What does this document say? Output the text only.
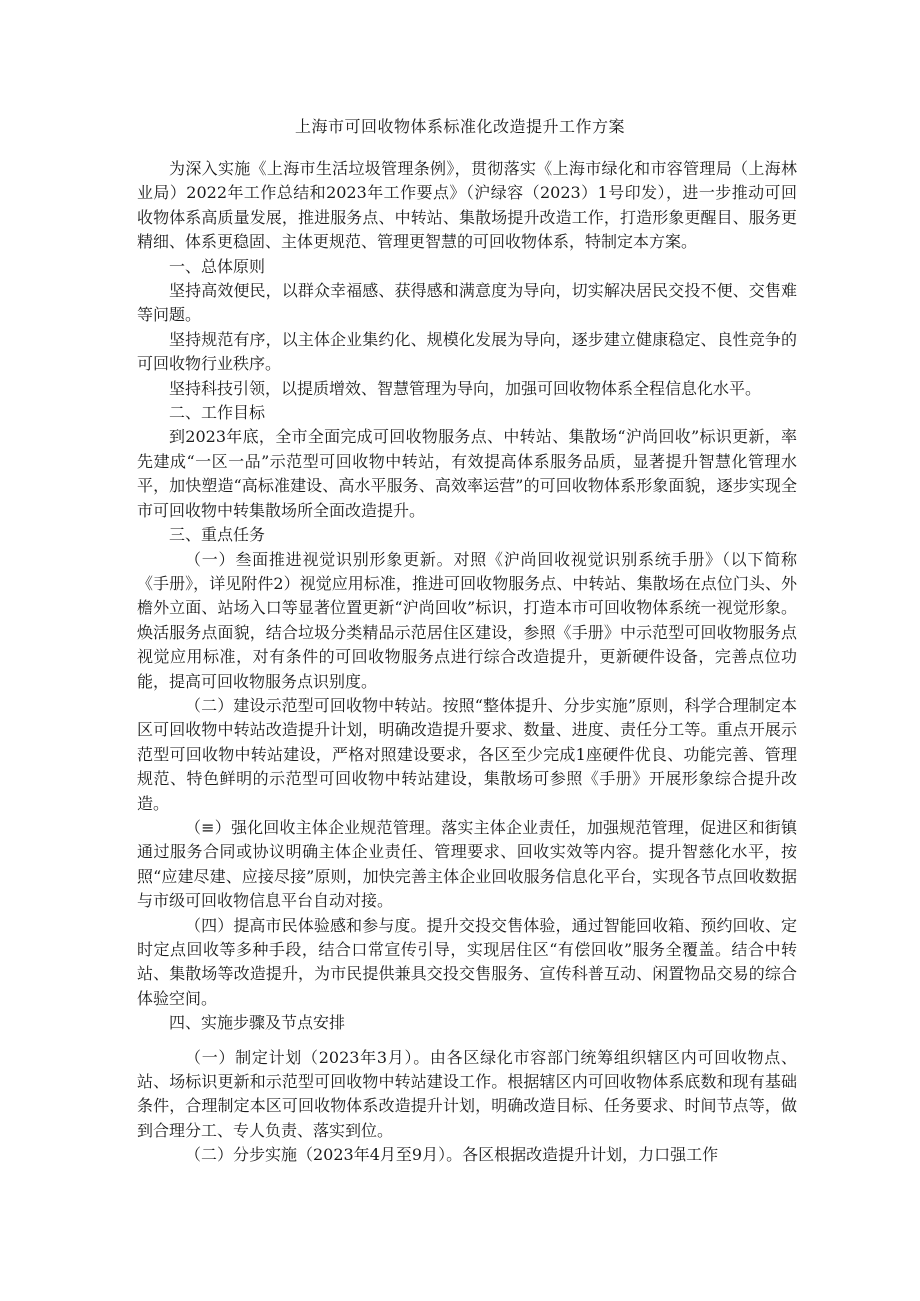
上海市可回收物体系标准化改造提升工作方案

为深入实施《上海市生活垃圾管理条例》，贯彻落实《上海市绿化和市容管理局（上海林业局）2022年工作总结和2023年工作要点》（沪绿容（2023）1号印发），进一步推动可回收物体系高质量发展，推进服务点、中转站、集散场提升改造工作，打造形象更醒目、服务更精细、体系更稳固、主体更规范、管理更智慧的可回收物体系，特制定本方案。

一、总体原则

坚持高效便民，以群众幸福感、获得感和满意度为导向，切实解决居民交投不便、交售难等问题。

坚持规范有序，以主体企业集约化、规模化发展为导向，逐步建立健康稳定、良性竞争的可回收物行业秩序。

坚持科技引领，以提质增效、智慧管理为导向，加强可回收物体系全程信息化水平。

二、工作目标

到2023年底，全市全面完成可回收物服务点、中转站、集散场“沪尚回收”标识更新，率先建成“一区一品”示范型可回收物中转站，有效提高体系服务品质，显著提升智慧化管理水平，加快塑造“高标准建设、高水平服务、高效率运营”的可回收物体系形象面貌，逐步实现全市可回收物中转集散场所全面改造提升。

三、重点任务

（一）叁面推进视觉识别形象更新。对照《沪尚回收视觉识别系统手册》（以下简称《手册》，详见附件2）视觉应用标准，推进可回收物服务点、中转站、集散场在点位门头、外檐外立面、站场入口等显著位置更新“沪尚回收”标识，打造本市可回收物体系统一视觉形象。焕活服务点面貌，结合垃圾分类精品示范居住区建设，参照《手册》中示范型可回收物服务点视觉应用标准，对有条件的可回收物服务点进行综合改造提升，更新硬件设备，完善点位功能，提高可回收物服务点识别度。

（二）建设示范型可回收物中转站。按照“整体提升、分步实施”原则，科学合理制定本区可回收物中转站改造提升计划，明确改造提升要求、数量、进度、责任分工等。重点开展示范型可回收物中转站建设，严格对照建设要求，各区至少完成1座硬件优良、功能完善、管理规范、特色鲜明的示范型可回收物中转站建设，集散场可参照《手册》开展形象综合提升改造。

（≡）强化回收主体企业规范管理。落实主体企业责任，加强规范管理，促进区和街镇通过服务合同或协议明确主体企业责任、管理要求、回收实效等内容。提升智慈化水平，按照“应建尽建、应接尽接”原则，加快完善主体企业回收服务信息化平台，实现各节点回收数据与市级可回收物信息平台自动对接。

（四）提高市民体验感和参与度。提升交投交售体验，通过智能回收箱、预约回收、定时定点回收等多种手段，结合口常宣传引导，实现居住区“有偿回收”服务全覆盖。结合中转站、集散场等改造提升，为市民提供兼具交投交售服务、宣传科普互动、闲置物品交易的综合体验空间。

四、实施步骤及节点安排

（一）制定计划（2023年3月）。由各区绿化市容部门统筹组织辖区内可回收物点、站、场标识更新和示范型可回收物中转站建设工作。根据辖区内可回收物体系底数和现有基础条件，合理制定本区可回收物体系改造提升计划，明确改造目标、任务要求、时间节点等，做到合理分工、专人负责、落实到位。

（二）分步实施（2023年4月至9月）。各区根据改造提升计划，力口强工作
